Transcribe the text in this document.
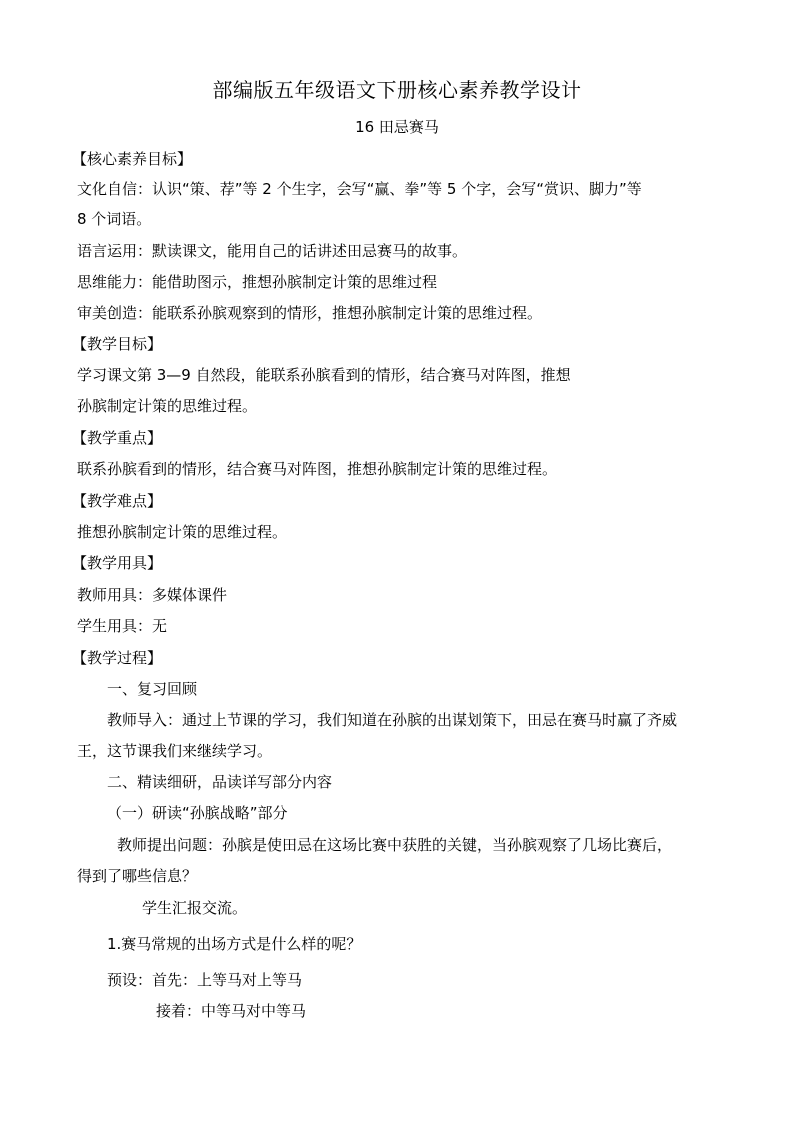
部编版五年级语文下册核心素养教学设计
16 田忌赛马
【核心素养目标】
文化自信：认识“策、荐”等 2 个生字，会写“赢、拳”等 5 个字，会写“赏识、脚力”等
8 个词语。
语言运用：默读课文，能用自己的话讲述田忌赛马的故事。
思维能力：能借助图示，推想孙膑制定计策的思维过程
审美创造：能联系孙膑观察到的情形，推想孙膑制定计策的思维过程。
【教学目标】
学习课文第 3—9 自然段，能联系孙膑看到的情形，结合赛马对阵图，推想
孙膑制定计策的思维过程。
【教学重点】
联系孙膑看到的情形，结合赛马对阵图，推想孙膑制定计策的思维过程。
【教学难点】
推想孙膑制定计策的思维过程。
【教学用具】
教师用具：多媒体课件
学生用具：无
【教学过程】
一、复习回顾
教师导入：通过上节课的学习，我们知道在孙膑的出谋划策下，田忌在赛马时赢了齐威
王，这节课我们来继续学习。
二、精读细研，品读详写部分内容
（一）研读“孙膑战略”部分
教师提出问题：孙膑是使田忌在这场比赛中获胜的关键，当孙膑观察了几场比赛后，
得到了哪些信息？
学生汇报交流。
1.赛马常规的出场方式是什么样的呢？
预设：首先：上等马对上等马
接着：中等马对中等马
